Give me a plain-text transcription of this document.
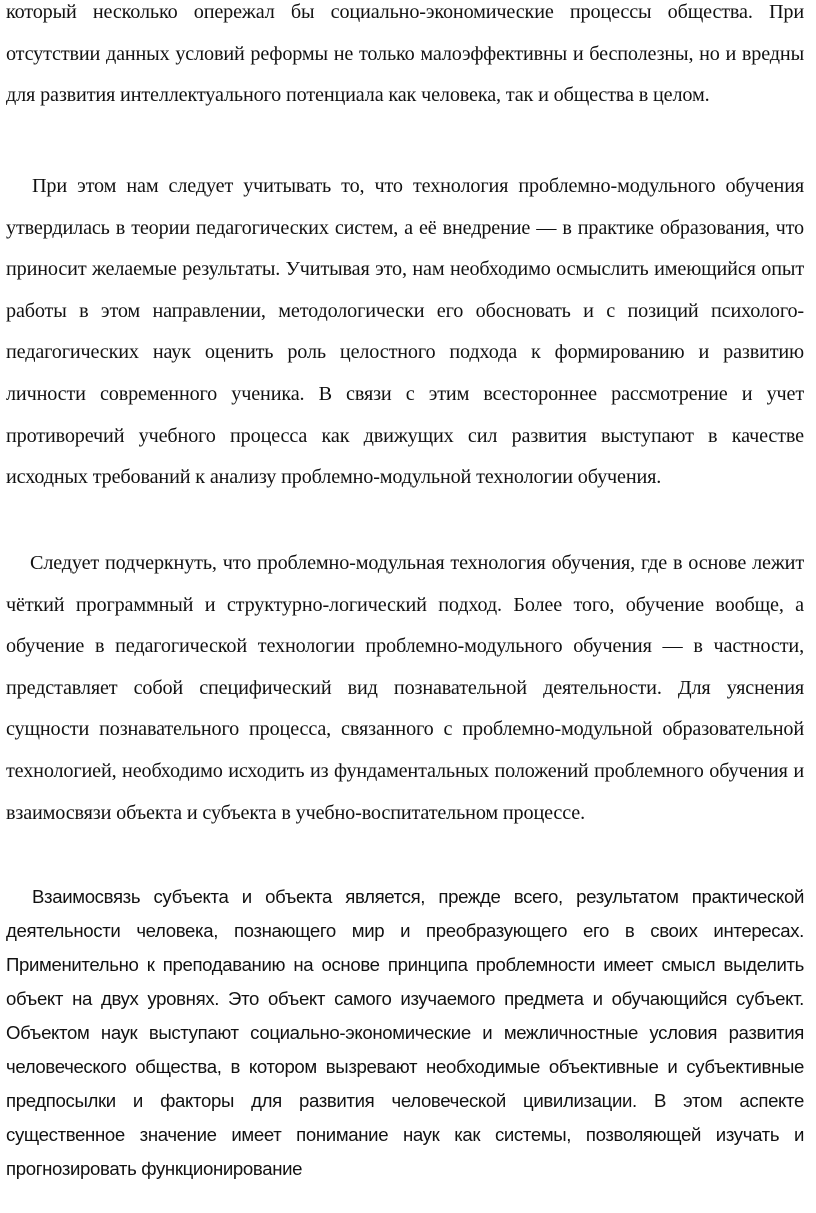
который несколько опережал бы социально-экономические процессы общества. При отсутствии данных условий реформы не только малоэффективны и бесполезны, но и вредны для развития интеллектуального потенциала как человека, так и общества в целом.

При этом нам следует учитывать то, что технология проблемно-модульного обучения утвердилась в теории педагогических систем, а её внедрение — в практике образования, что приносит желаемые результаты. Учитывая это, нам необходимо осмыслить имеющийся опыт работы в этом направлении, методологически его обосновать и с позиций психолого-педагогических наук оценить роль целостного подхода к формированию и развитию личности современного ученика. В связи с этим всестороннее рассмотрение и учет противоречий учебного процесса как движущих сил развития выступают в качестве исходных требований к анализу проблемно-модульной технологии обучения.

Следует подчеркнуть, что проблемно-модульная технология обучения, где в основе лежит чёткий программный и структурно-логический подход. Более того, обучение вообще, а обучение в педагогической технологии проблемно-модульного обучения — в частности, представляет собой специфический вид познавательной деятельности. Для уяснения сущности познавательного процесса, связанного с проблемно-модульной образовательной технологией, необходимо исходить из фундаментальных положений проблемного обучения и взаимосвязи объекта и субъекта в учебно-воспитательном процессе.

Взаимосвязь субъекта и объекта является, прежде всего, результатом практической деятельности человека, познающего мир и преобразующего его в своих интересах. Применительно к преподаванию на основе принципа проблемности имеет смысл выделить объект на двух уровнях. Это объект самого изучаемого предмета и обучающийся субъект. Объектом наук выступают социально-экономические и межличностные условия развития человеческого общества, в котором вызревают необходимые объективные и субъективные предпосылки и факторы для развития человеческой цивилизации. В этом аспекте существенное значение имеет понимание наук как системы, позволяющей изучать и прогнозировать функционирование
